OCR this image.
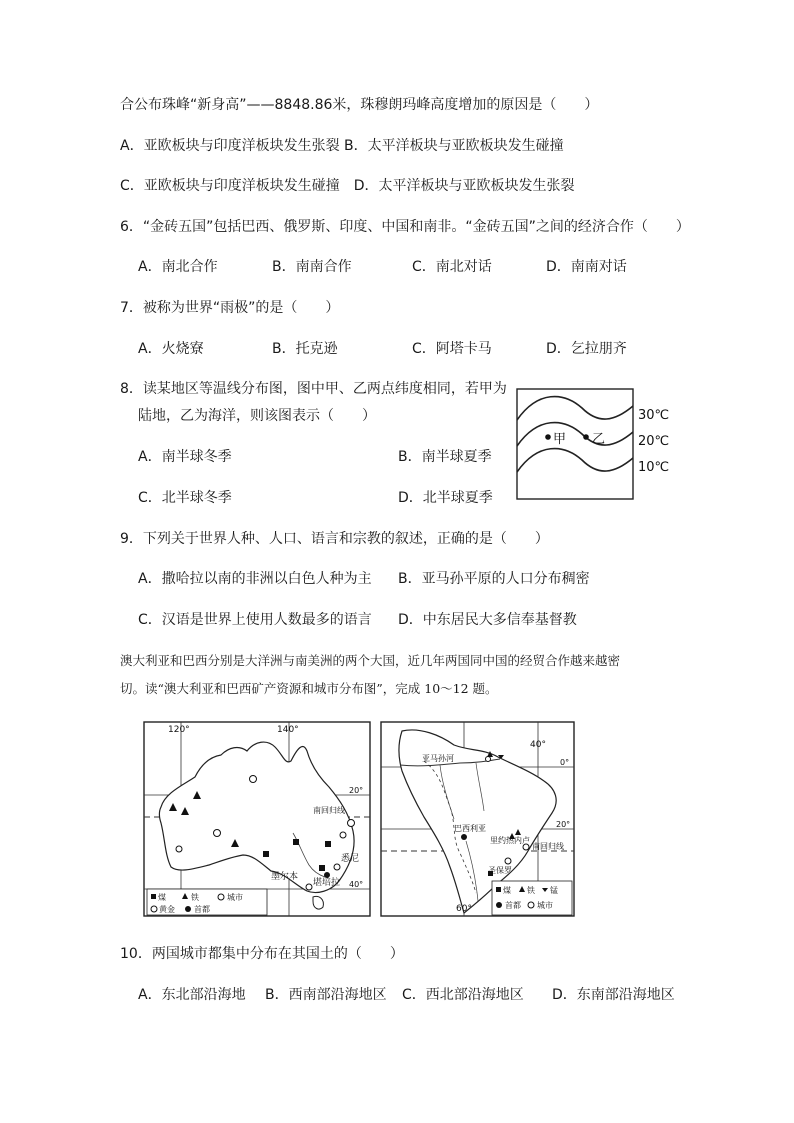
合公布珠峰“新身高”——8848.86米，珠穆朗玛峰高度增加的原因是（　　）
A．亚欧板块与印度洋板块发生张裂 B．太平洋板块与亚欧板块发生碰撞
C．亚欧板块与印度洋板块发生碰撞　D．太平洋板块与亚欧板块发生张裂
6．“金砖五国”包括巴西、俄罗斯、印度、中国和南非。“金砖五国”之间的经济合作（　　）
A．南北合作	B．南南合作	C．南北对话	D．南南对话
7．被称为世界“雨极”的是（　　）
A．火烧寮	B．托克逊	C．阿塔卡马	D．乞拉朋齐
8．读某地区等温线分布图，图中甲、乙两点纬度相同，若甲为
陆地，乙为海洋，则该图表示（　　）
A．南半球冬季	B．南半球夏季
C．北半球冬季	D．北半球夏季
甲 乙
30℃
20℃
10℃
9．下列关于世界人种、人口、语言和宗教的叙述，正确的是（　　）
A．撒哈拉以南的非洲以白色人种为主 B．亚马孙平原的人口分布稠密
C．汉语是世界上使用人数最多的语言 D．中东居民大多信奉基督教
澳大利亚和巴西分别是大洋洲与南美洲的两个大国，近几年两国同中国的经贸合作越来越密
切。读“澳大利亚和巴西矿产资源和城市分布图”，完成 10～12 题。
120°	140°
20°
40°
南回归线
悉尼
墨尔本
堪培拉
煤	铁	城市
黄金 首都
40°
60°
0°
20°
亚马孙河
南回归线
巴西利亚
里约热内卢
圣保罗
煤 铁 锰
首都 城市
10．两国城市都集中分布在其国土的（　　）
A．东北部沿海地 B．西南部沿海地区 C．西北部沿海地区 D．东南部沿海地区
